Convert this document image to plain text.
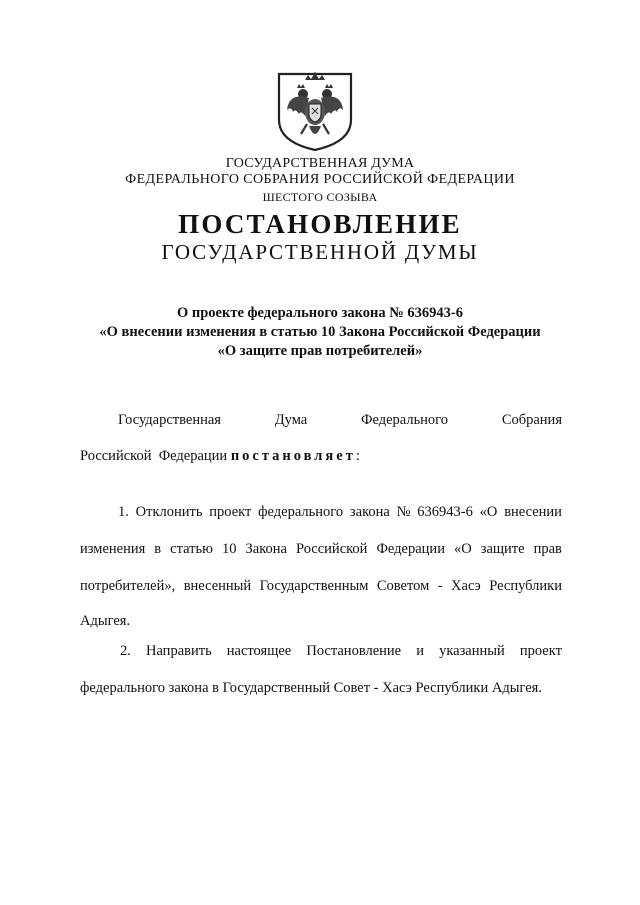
ГОСУДАРСТВЕННАЯ ДУМА
ФЕДЕРАЛЬНОГО СОБРАНИЯ РОССИЙСКОЙ ФЕДЕРАЦИИ
ШЕСТОГО СОЗЫВА
ПОСТАНОВЛЕНИЕ
ГОСУДАРСТВЕННОЙ ДУМЫ
О проекте федерального закона № 636943-6
«О внесении изменения в статью 10 Закона Российской Федерации
«О защите прав потребителей»
Государственная	Дума	Федерального	Собрания
Российской  Федерации постановляет:
1. Отклонить проект федерального закона № 636943-6 «О внесении
изменения в статью 10 Закона Российской Федерации «О защите прав
потребителей», внесенный Государственным Советом - Хасэ Республики
Адыгея.
2. Направить настоящее Постановление и указанный проект
федерального закона в Государственный Совет - Хасэ Республики Адыгея.
